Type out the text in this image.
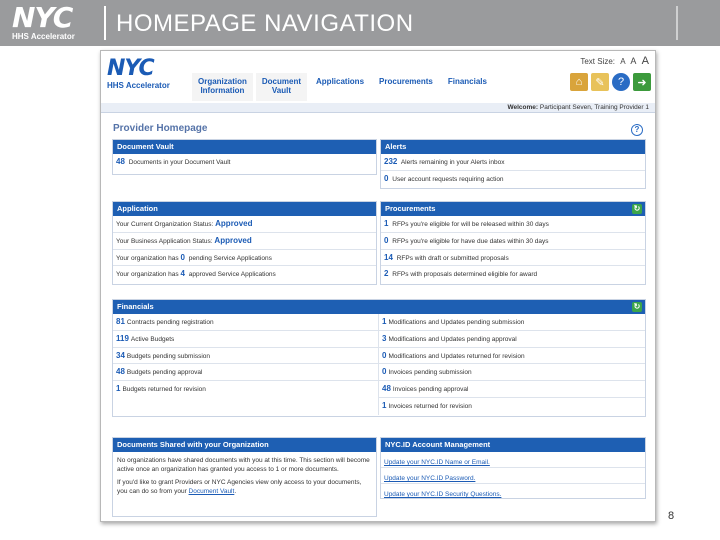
NYC
HHS Accelerator	HOMEPAGE NAVIGATION
NYC
HHS Accelerator	Organization
Information
Document
Vault
Applications Procurements Financials
Text Size: A A A
⌂	✎	?	➜
Welcome: Participant Seven, Training Provider 1
Provider Homepage	?
Document Vault
48 Documents in your Document Vault
Alerts
232 Alerts remaining in your Alerts inbox
0 User account requests requiring action
Application
Your Current Organization Status: Approved
Your Business Application Status: Approved
Your organization has 0 pending Service Applications
Your organization has 4 approved Service Applications
Procurements	↻
1 RFPs you're eligible for will be released within 30 days
0 RFPs you're eligible for have due dates within 30 days
14 RFPs with draft or submitted proposals
2 RFPs with proposals determined eligible for award
Financials	↻
81 Contracts pending registration
119 Active Budgets
34 Budgets pending submission
48 Budgets pending approval
1 Budgets returned for revision
1 Modifications and Updates pending submission
3 Modifications and Updates pending approval
0 Modifications and Updates returned for revision
0 Invoices pending submission
48 Invoices pending approval
1 Invoices returned for revision
Documents Shared with your Organization
No organizations have shared documents with you at this time. This section will become active once an organization has granted you access to 1 or more documents.
If you'd like to grant Providers or NYC Agencies view only access to your documents, you can do so from your Document Vault.
NYC.ID Account Management
Update your NYC.ID Name or Email.
Update your NYC.ID Password.
Update your NYC.ID Security Questions.
8
